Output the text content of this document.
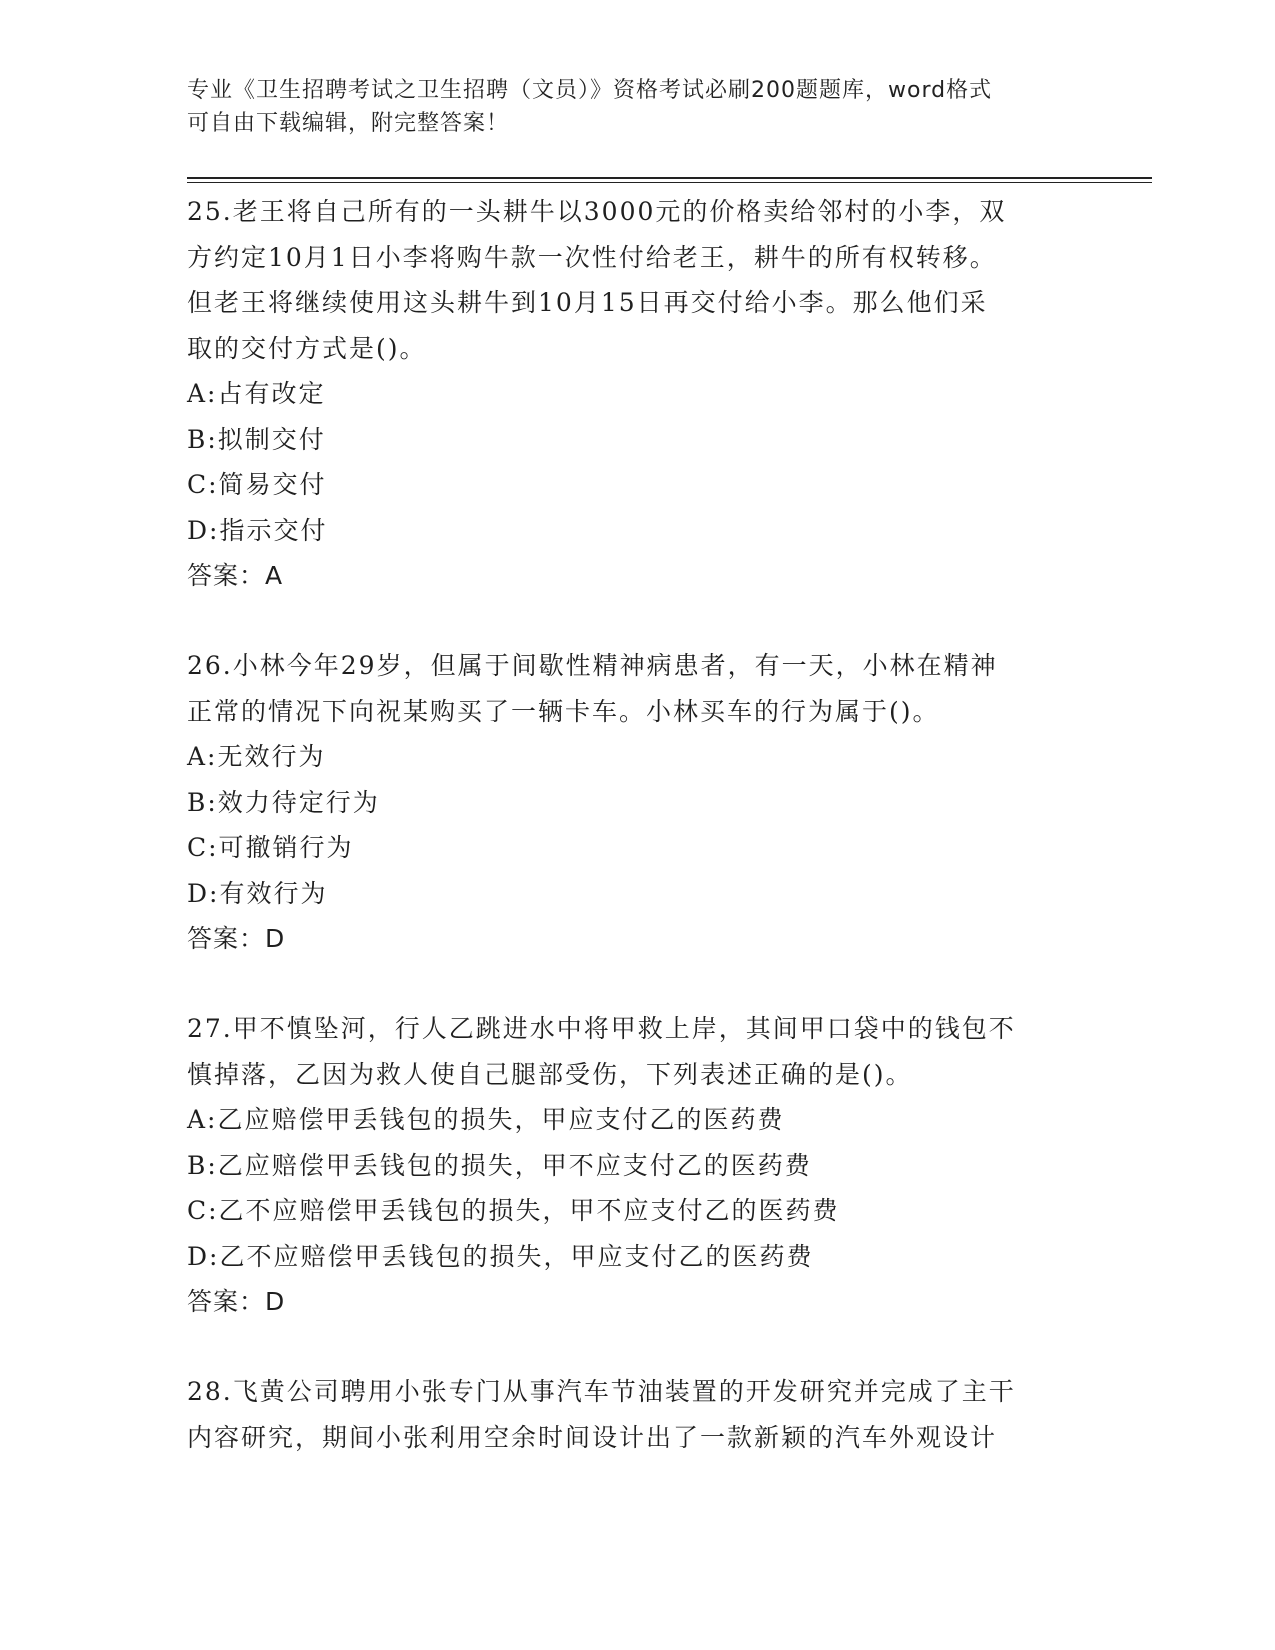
专业《卫生招聘考试之卫生招聘（文员）》资格考试必刷200题题库，word格式
可自由下载编辑，附完整答案！
25.老王将自己所有的一头耕牛以3000元的价格卖给邻村的小李，双
方约定10月1日小李将购牛款一次性付给老王，耕牛的所有权转移。
但老王将继续使用这头耕牛到10月15日再交付给小李。那么他们采
取的交付方式是()。
A:占有改定
B:拟制交付
C:简易交付
D:指示交付
答案：A
26.小林今年29岁，但属于间歇性精神病患者，有一天，小林在精神
正常的情况下向祝某购买了一辆卡车。小林买车的行为属于()。
A:无效行为
B:效力待定行为
C:可撤销行为
D:有效行为
答案：D
27.甲不慎坠河，行人乙跳进水中将甲救上岸，其间甲口袋中的钱包不
慎掉落，乙因为救人使自己腿部受伤，下列表述正确的是()。
A:乙应赔偿甲丢钱包的损失，甲应支付乙的医药费
B:乙应赔偿甲丢钱包的损失，甲不应支付乙的医药费
C:乙不应赔偿甲丢钱包的损失，甲不应支付乙的医药费
D:乙不应赔偿甲丢钱包的损失，甲应支付乙的医药费
答案：D
28.飞黄公司聘用小张专门从事汽车节油装置的开发研究并完成了主干
内容研究，期间小张利用空余时间设计出了一款新颖的汽车外观设计
